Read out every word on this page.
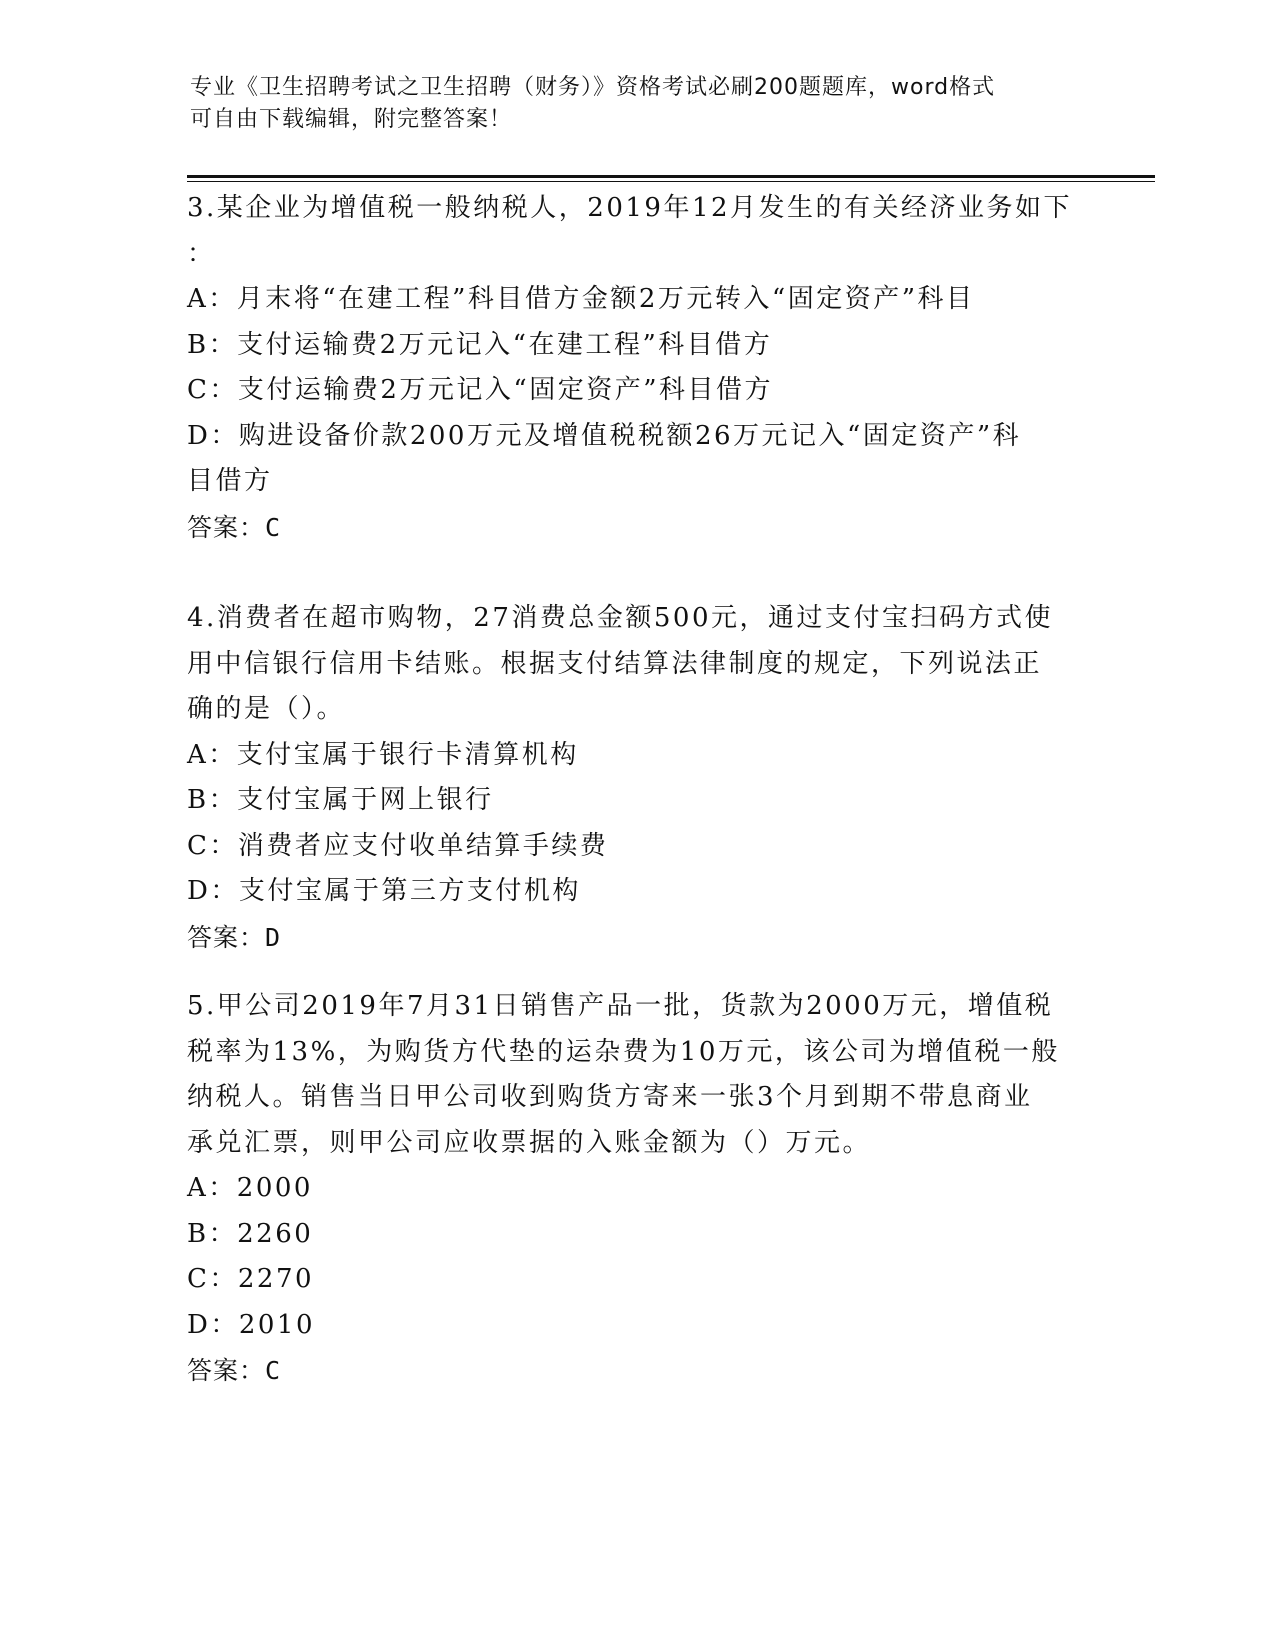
专业《卫生招聘考试之卫生招聘（财务）》资格考试必刷200题题库，word格式
可自由下载编辑，附完整答案！
3.某企业为增值税一般纳税人，2019年12月发生的有关经济业务如下
：
A：月末将“在建工程”科目借方金额2万元转入“固定资产”科目
B：支付运输费2万元记入“在建工程”科目借方
C：支付运输费2万元记入“固定资产”科目借方
D：购进设备价款200万元及增值税税额26万元记入“固定资产”科
目借方
答案：C
4.消费者在超市购物，27消费总金额500元，通过支付宝扫码方式使
用中信银行信用卡结账。根据支付结算法律制度的规定，下列说法正
确的是（）。
A：支付宝属于银行卡清算机构
B：支付宝属于网上银行
C：消费者应支付收单结算手续费
D：支付宝属于第三方支付机构
答案：D
5.甲公司2019年7月31日销售产品一批，货款为2000万元，增值税
税率为13%，为购货方代垫的运杂费为10万元，该公司为增值税一般
纳税人。销售当日甲公司收到购货方寄来一张3个月到期不带息商业
承兑汇票，则甲公司应收票据的入账金额为（）万元。
A：2000
B：2260
C：2270
D：2010
答案：C
